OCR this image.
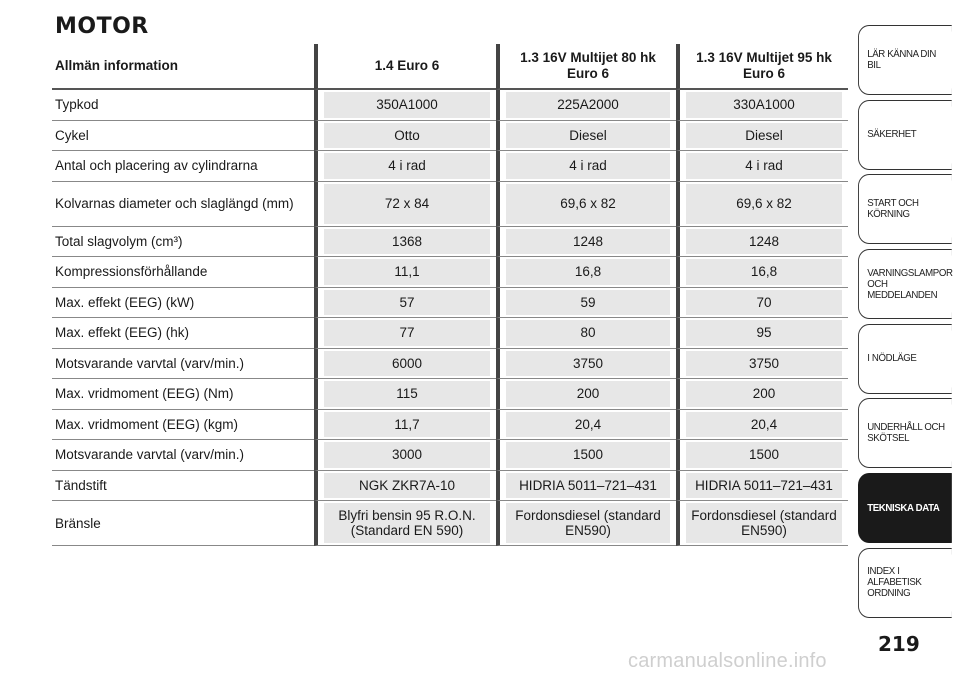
MOTOR
Allmän information	1.4 Euro 6	1.3 16V Multijet 80 hk Euro 6	1.3 16V Multijet 95 hk Euro 6
Typkod	350A1000	225A2000	330A1000
Cykel	Otto	Diesel	Diesel
Antal och placering av cylindrarna	4 i rad	4 i rad	4 i rad
Kolvarnas diameter och slaglängd (mm)	72 x 84	69,6 x 82	69,6 x 82
Total slagvolym (cm³)	1368	1248	1248
Kompressionsförhållande	11,1	16,8	16,8
Max. effekt (EEG) (kW)	57	59	70
Max. effekt (EEG) (hk)	77	80	95
Motsvarande varvtal (varv/min.)	6000	3750	3750
Max. vridmoment (EEG) (Nm)	115	200	200
Max. vridmoment (EEG) (kgm)	11,7	20,4	20,4
Motsvarande varvtal (varv/min.)	3000	1500	1500
Tändstift	NGK ZKR7A-10	HIDRIA 5011–721–431	HIDRIA 5011–721–431
Bränsle	Blyfri bensin 95 R.O.N. (Standard EN 590)	Fordonsdiesel (standard EN590)	Fordonsdiesel (standard EN590)
LÄR KÄNNA DIN BIL
SÄKERHET
START OCH KÖRNING
VARNINGSLAMPOR OCH MEDDELANDEN
I NÖDLÄGE
UNDERHÅLL OCH SKÖTSEL
TEKNISKA DATA
INDEX I ALFABETISK ORDNING
219
carmanualsonline.info
